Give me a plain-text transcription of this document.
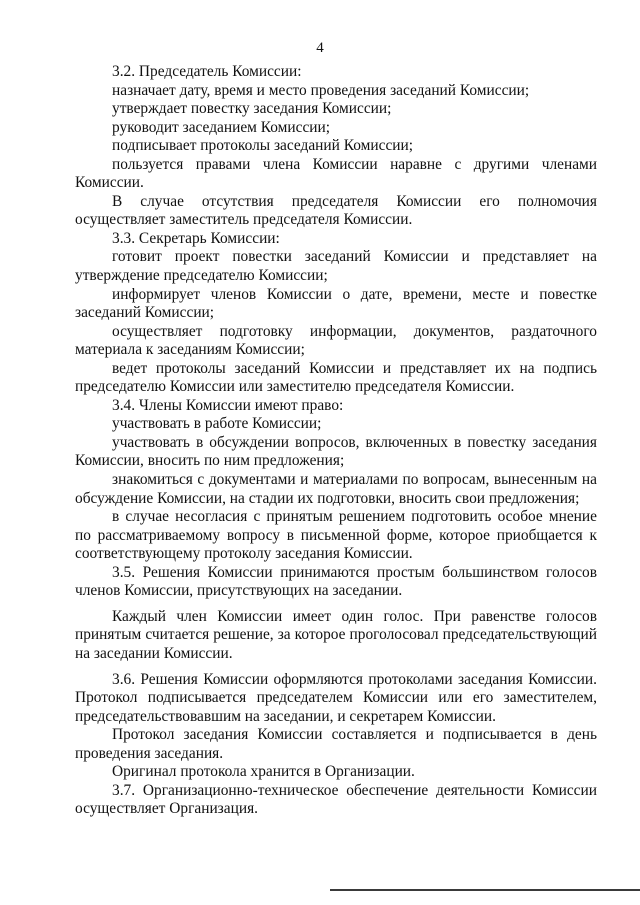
4

3.2. Председатель Комиссии:

назначает дату, время и место проведения заседаний Комиссии;

утверждает повестку заседания Комиссии;

руководит заседанием Комиссии;

подписывает протоколы заседаний Комиссии;

пользуется правами члена Комиссии наравне с другими членами Комиссии.

В случае отсутствия председателя Комиссии его полномочия осуществляет заместитель председателя Комиссии.

3.3. Секретарь Комиссии:

готовит проект повестки заседаний Комиссии и представляет на утверждение председателю Комиссии;

информирует членов Комиссии о дате, времени, месте и повестке заседаний Комиссии;

осуществляет подготовку информации, документов, раздаточного материала к заседаниям Комиссии;

ведет протоколы заседаний Комиссии и представляет их на подпись председателю Комиссии или заместителю председателя Комиссии.

3.4. Члены Комиссии имеют право:

участвовать в работе Комиссии;

участвовать в обсуждении вопросов, включенных в повестку заседания Комиссии, вносить по ним предложения;

знакомиться с документами и материалами по вопросам, вынесенным на обсуждение Комиссии, на стадии их подготовки, вносить свои предложения;

в случае несогласия с принятым решением подготовить особое мнение по рассматриваемому вопросу в письменной форме, которое приобщается к соответствующему протоколу заседания Комиссии.

3.5. Решения Комиссии принимаются простым большинством голосов членов Комиссии, присутствующих на заседании.

Каждый член Комиссии имеет один голос. При равенстве голосов принятым считается решение, за которое проголосовал председательствующий на заседании Комиссии.

3.6. Решения Комиссии оформляются протоколами заседания Комиссии. Протокол подписывается председателем Комиссии или его заместителем, председательствовавшим на заседании, и секретарем Комиссии.

Протокол заседания Комиссии составляется и подписывается в день проведения заседания.

Оригинал протокола хранится в Организации.

3.7. Организационно-техническое обеспечение деятельности Комиссии осуществляет Организация.
